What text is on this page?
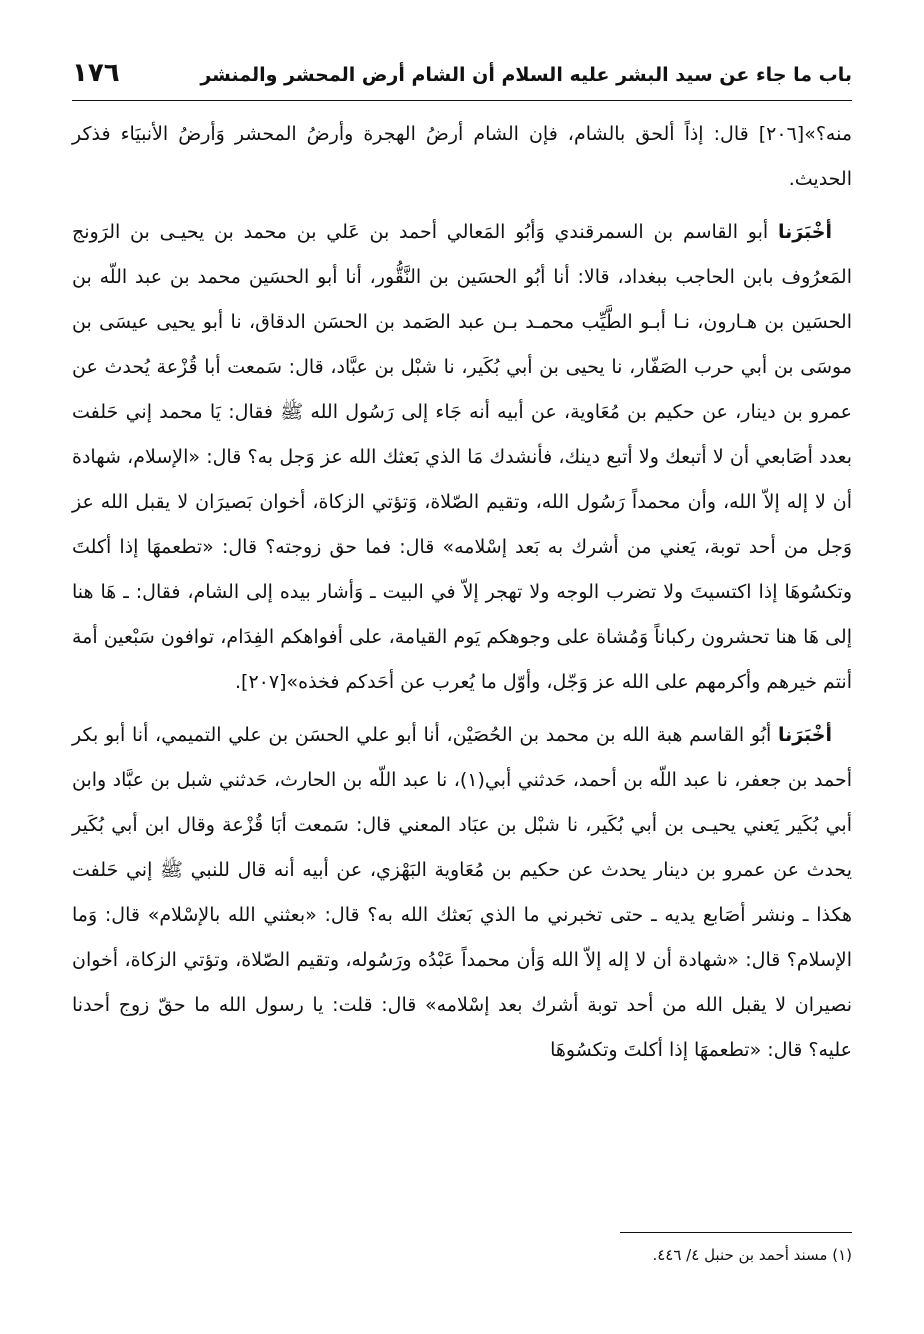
١٧٦	باب ما جاء عن سيد البشر عليه السلام أن الشام أرض المحشر والمنشر

منه؟»[٢٠٦] قال: إذاً ألحق بالشام، فإن الشام أرضُ الهجرة وأرضُ المحشر وَأرضُ الأنبيَاء فذكر الحديث.

أخْبَرَنا أبو القاسم بن السمرقندي وَأبُو المَعالي أحمد بن عَلي بن محمد بن يحيـى بن الرَونج المَعرُوف بابن الحاجب ببغداد، قالا: أنا أبُو الحسَين بن النَّقُّور، أنا أبو الحسَين محمد بن عبد اللّه بن الحسَين بن هـارون، نـا أبـو الطَّيِّب محمـد بـن عبد الصَمد بن الحسَن الدقاق، نا أبو يحيى عيسَى بن موسَى بن أبي حرب الصَفّار، نا يحيى بن أبي بُكَير، نا شبْل بن عبَّاد، قال: سَمعت أبا قُزْعة يُحدث عن عمرو بن دينار، عن حكيم بن مُعَاوية، عن أبيه أنه جَاء إلى رَسُول الله ﷺ فقال: يَا محمد إني حَلفت بعدد أصَابعي أن لا أتبعك ولا أتبع دينك، فأنشدك مَا الذي بَعثك الله عز وَجل به؟ قال: «الإسلام، شهادة أن لا إله إلاّ الله، وأن محمداً رَسُول الله، وتقيم الصّلاة، وَتؤتي الزكاة، أخوان بَصيرَان لا يقبل الله عز وَجل من أحد توبة، يَعني من أشرك به بَعد إسْلامه» قال: فما حق زوجته؟ قال: «تطعمهَا إذا أكلتَ وتكسُوهَا إذا اكتسيتَ ولا تضرب الوجه ولا تهجر إلاّ في البيت ـ وَأشار بيده إلى الشام، فقال: ـ هَا هنا إلى هَا هنا تحشرون ركباناً وَمُشاة على وجوهكم يَوم القيامة، على أفواهكم الفِدَام، توافون سَبْعين أمة أنتم خيرهم وأكرمهم على الله عز وَجّل، وأوّل ما يُعرب عن أحَدكم فخذه»[٢٠٧].

أخْبَرَنا أبُو القاسم هبة الله بن محمد بن الحُصَيْن، أنا أبو علي الحسَن بن علي التميمي، أنا أبو بكر أحمد بن جعفر، نا عبد اللّه بن أحمد، حَدثني أبي(١)، نا عبد اللّه بن الحارث، حَدثني شبل بن عبَّاد وابن أبي بُكَير يَعني يحيـى بن أبي بُكَير، نا شبْل بن عبَاد المعني قال: سَمعت أبَا قُزْعة وقال ابن أبي بُكَير يحدث عن عمرو بن دينار يحدث عن حكيم بن مُعَاوية البَهْزي، عن أبيه أنه قال للنبي ﷺ إني حَلفت هكذا ـ ونشر أصَابع يديه ـ حتى تخبرني ما الذي بَعثك الله به؟ قال: «بعثني الله بالإسْلام» قال: وَما الإسلام؟ قال: «شهادة أن لا إله إلاّ الله وَأن محمداً عَبْدُه ورَسُوله، وتقيم الصّلاة، وتؤتي الزكاة، أخوان نصيران لا يقبل الله من أحد توبة أشرك بعد إسْلامه» قال: قلت: يا رسول الله ما حقّ زوج أحدنا عليه؟ قال: «تطعمهَا إذا أكلتَ وتكسُوهَا

(١) مسند أحمد بن حنبل ٤/ ٤٤٦.
